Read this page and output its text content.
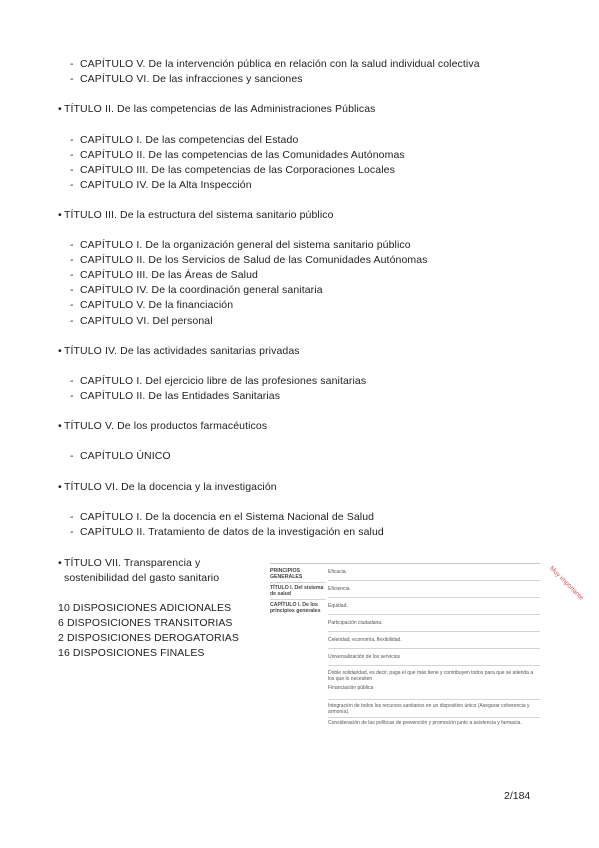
- CAPÍTULO V. De la intervención pública en relación con la salud individual colectiva
- CAPÍTULO VI. De las infracciones y sanciones
• TÍTULO II. De las competencias de las Administraciones Públicas
- CAPÍTULO I. De las competencias del Estado
- CAPÍTULO II. De las competencias de las Comunidades Autónomas
- CAPÍTULO III. De las competencias de las Corporaciones Locales
- CAPÍTULO IV. De la Alta Inspección
• TÍTULO III. De la estructura del sistema sanitario público
- CAPÍTULO I. De la organización general del sistema sanitario público
- CAPÍTULO II. De los Servicios de Salud de las Comunidades Autónomas
- CAPÍTULO III. De las Áreas de Salud
- CAPÍTULO IV. De la coordinación general sanitaria
- CAPÍTULO V. De la financiación
- CAPÍTULO VI. Del personal
• TÍTULO IV. De las actividades sanitarias privadas
- CAPÍTULO I. Del ejercicio libre de las profesiones sanitarias
- CAPÍTULO II. De las Entidades Sanitarias
• TÍTULO V. De los productos farmacéuticos
- CAPÍTULO ÚNICO
• TÍTULO VI. De la docencia y la investigación
- CAPÍTULO I. De la docencia en el Sistema Nacional de Salud
- CAPÍTULO II. Tratamiento de datos de la investigación en salud
• TÍTULO VII. Transparencia y
sostenibilidad del gasto sanitario
10 DISPOSICIONES ADICIONALES
6 DISPOSICIONES TRANSITORIAS
2 DISPOSICIONES DEROGATORIAS
16 DISPOSICIONES FINALES
PRINCIPIOS GENERALES
TÍTULO I. Del sistema de salud
CAPÍTULO I. De los principios generales
Eficacia.
Eficiencia.
Equidad.
Participación ciudadana.
Celeridad, economía, flexibilidad.
Universalización de los servicios
Doble solidaridad, es decir, paga el que más tiene y contribuyen todos para que se atienda a los que lo necesiten
Financiación pública
Integración de todos los recursos sanitarios en un dispositivo único (Asegurar coherencia y armonía).
Consideración de las políticas de prevención y promoción junto a asistencia y farmacia.
Muy importante
2/184
